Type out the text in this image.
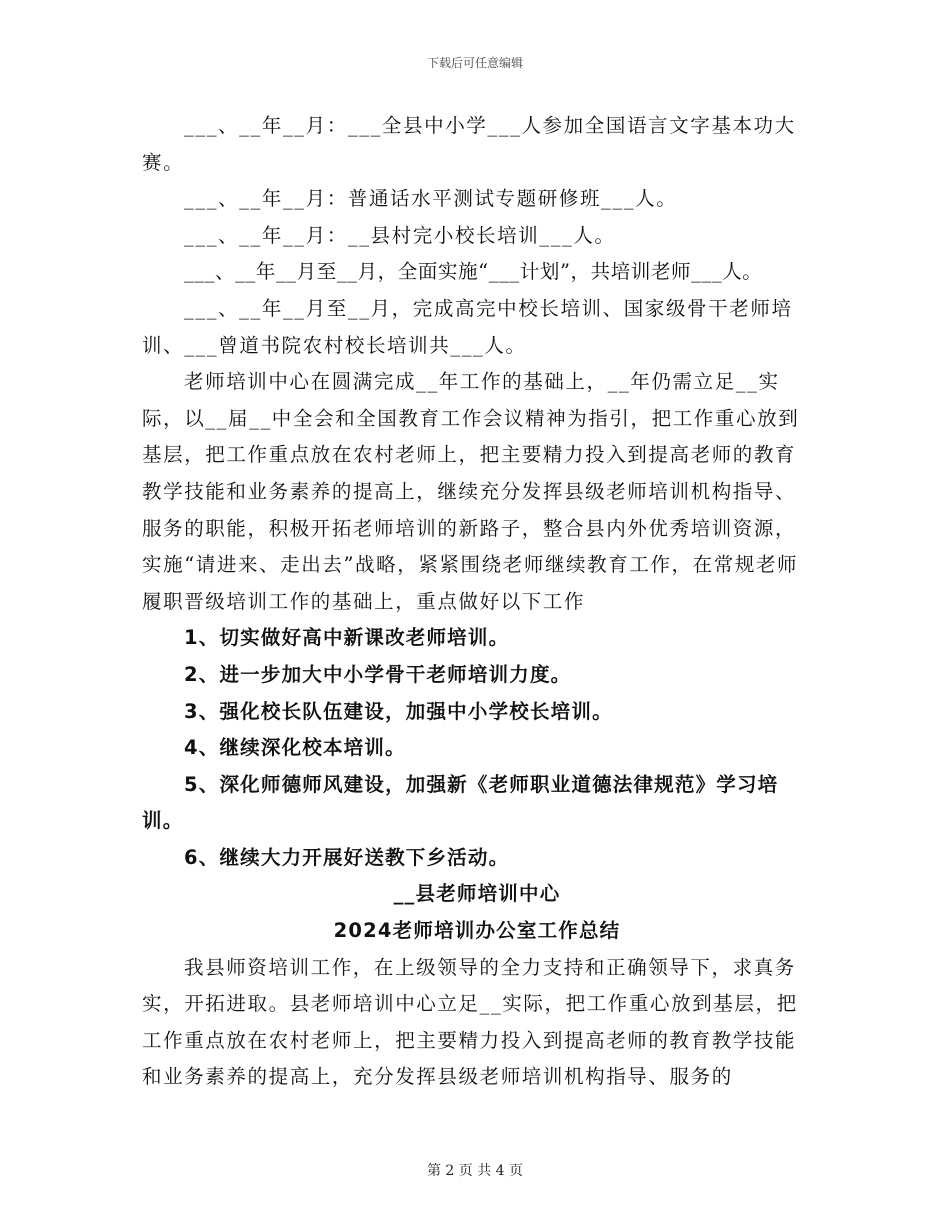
下载后可任意编辑

___、__年__月：___全县中小学___人参加全国语言文字基本功大赛。

___、__年__月：普通话水平测试专题研修班___人。

___、__年__月：__县村完小校长培训___人。

___、__年__月至__月，全面实施“___计划”，共培训老师___人。

___、__年__月至__月，完成高完中校长培训、国家级骨干老师培训、___曾道书院农村校长培训共___人。

老师培训中心在圆满完成__年工作的基础上，__年仍需立足__实际，以__届__中全会和全国教育工作会议精神为指引，把工作重心放到基层，把工作重点放在农村老师上，把主要精力投入到提高老师的教育教学技能和业务素养的提高上，继续充分发挥县级老师培训机构指导、服务的职能，积极开拓老师培训的新路子，整合县内外优秀培训资源，实施“请进来、走出去”战略，紧紧围绕老师继续教育工作，在常规老师履职晋级培训工作的基础上，重点做好以下工作

1、切实做好高中新课改老师培训。

2、进一步加大中小学骨干老师培训力度。

3、强化校长队伍建设，加强中小学校长培训。

4、继续深化校本培训。

5、深化师德师风建设，加强新《老师职业道德法律规范》学习培训。

6、继续大力开展好送教下乡活动。

__县老师培训中心

2024老师培训办公室工作总结

我县师资培训工作，在上级领导的全力支持和正确领导下，求真务实，开拓进取。县老师培训中心立足__实际，把工作重心放到基层，把工作重点放在农村老师上，把主要精力投入到提高老师的教育教学技能和业务素养的提高上，充分发挥县级老师培训机构指导、服务的

第 2 页 共 4 页
